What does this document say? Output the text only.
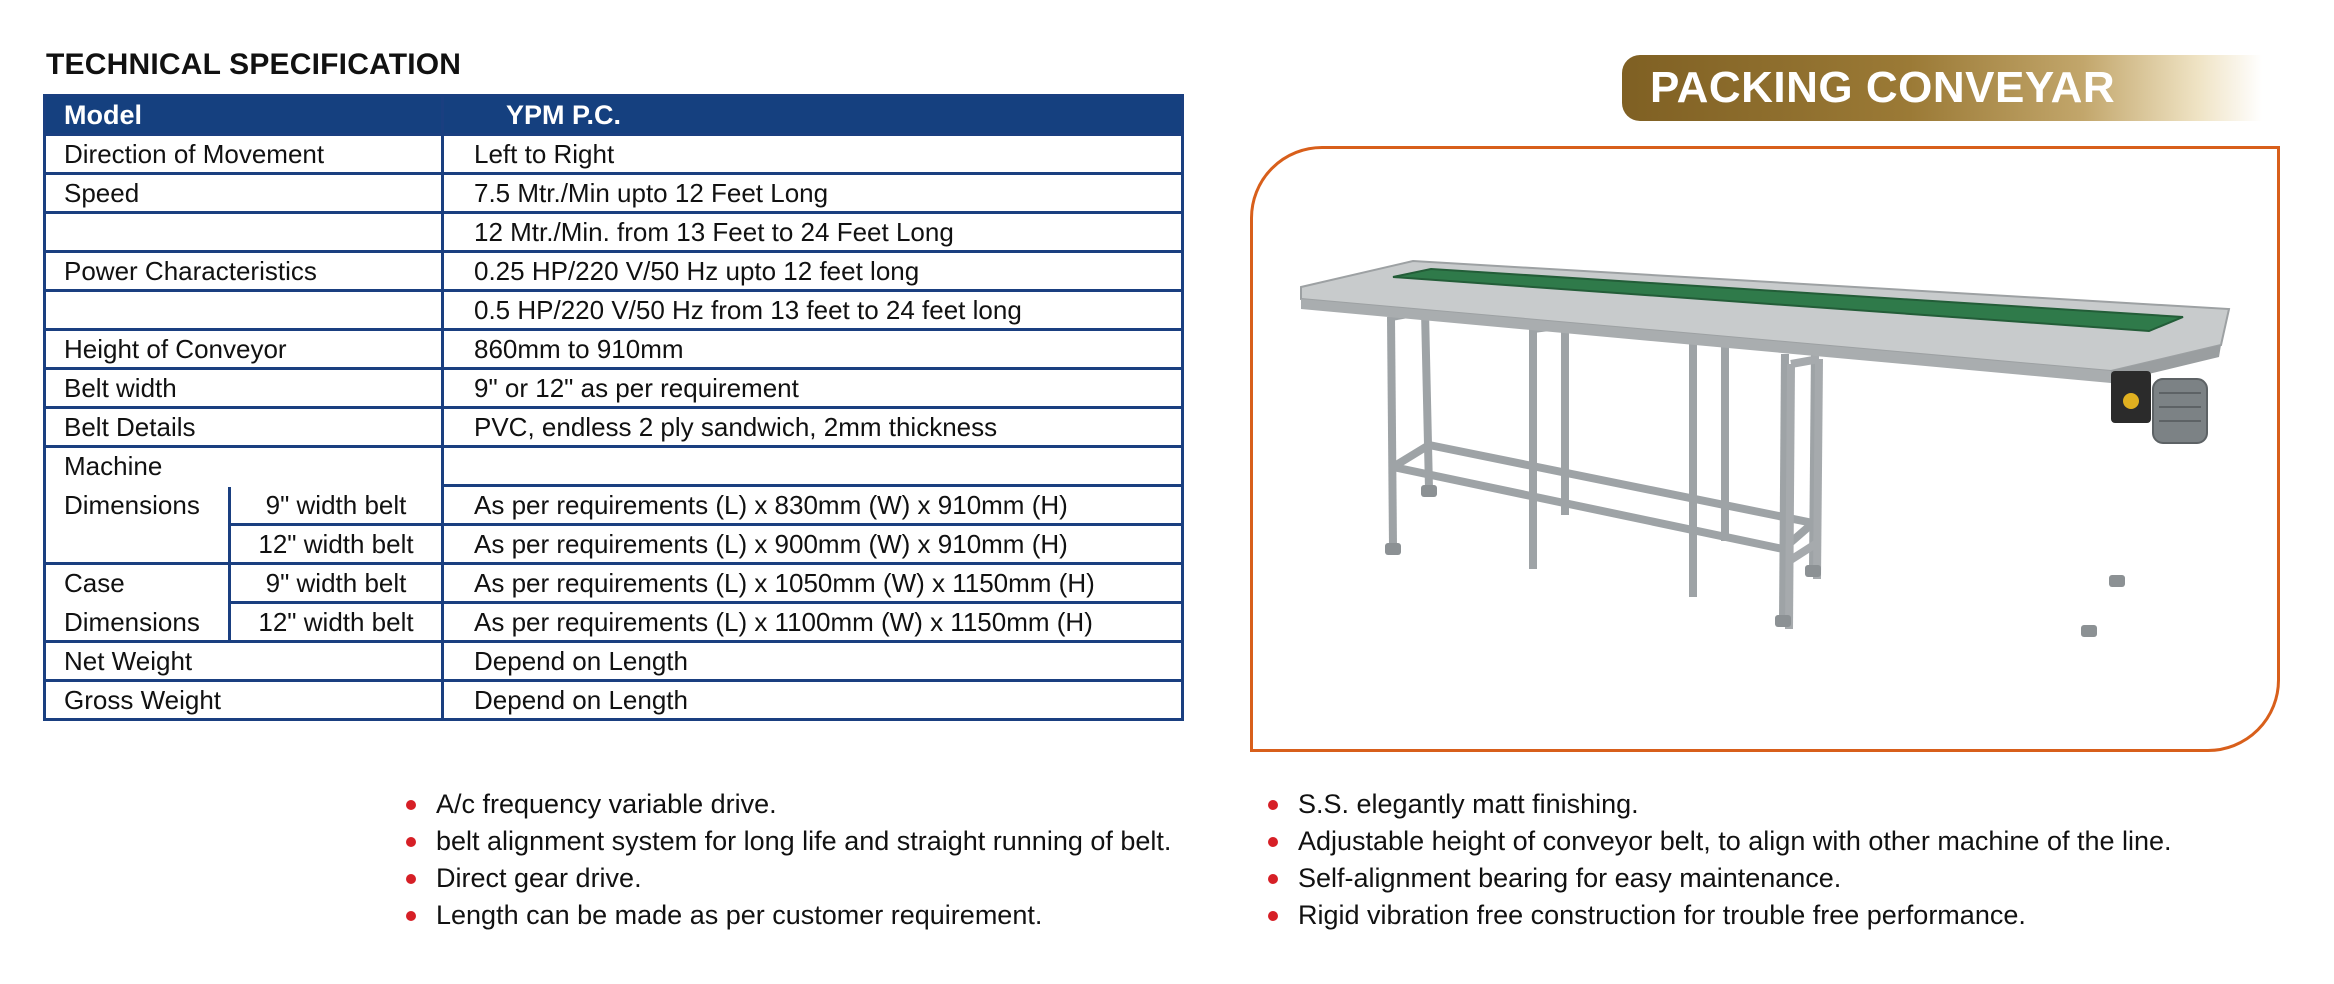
TECHNICAL SPECIFICATION
Model		YPM P.C.
Direction of Movement		Left to Right
Speed		7.5 Mtr./Min upto 12 Feet Long
		12 Mtr./Min. from 13 Feet to 24 Feet Long
Power Characteristics		0.25 HP/220 V/50 Hz upto 12 feet long
		0.5 HP/220 V/50 Hz from 13 feet to 24 feet long
Height of Conveyor		860mm to 910mm
Belt width		9" or 12" as per requirement
Belt Details		PVC, endless 2 ply sandwich, 2mm thickness
Machine		
Dimensions	9" width belt	As per requirements (L) x 830mm (W) x 910mm (H)
	12" width belt	As per requirements (L) x 900mm (W) x 910mm (H)
Case	9" width belt	As per requirements (L) x 1050mm (W) x 1150mm (H)
Dimensions	12" width belt	As per requirements (L) x 1100mm (W) x 1150mm (H)
Net Weight		Depend on Length
Gross Weight		Depend on Length
PACKING CONVEYAR
A/c frequency variable drive.
belt alignment system for long life and straight running of belt.
Direct gear drive.
Length can be made as per customer requirement.
S.S. elegantly matt finishing.
Adjustable height of conveyor belt, to align with other machine of the line.
Self-alignment bearing for easy maintenance.
Rigid vibration free construction for trouble free performance.
